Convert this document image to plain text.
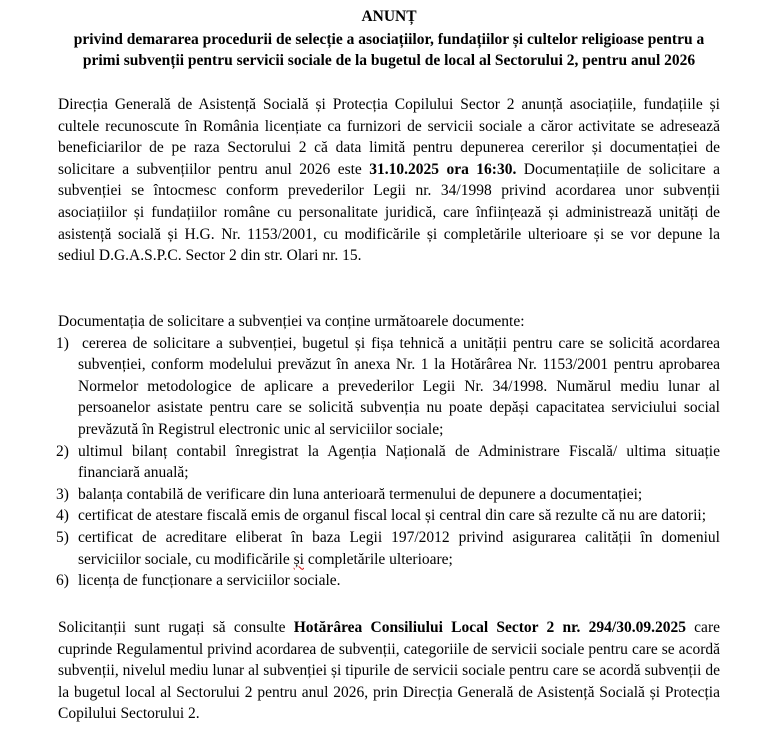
ANUNȚ

privind demararea procedurii de selecție a asociațiilor, fundațiilor și cultelor religioase pentru a
primi subvenții pentru servicii sociale de la bugetul de local al Sectorului 2, pentru anul 2026

Direcția Generală de Asistență Socială și Protecția Copilului Sector 2 anunță asociațiile, fundațiile și cultele recunoscute în România licențiate ca furnizori de servicii sociale a căror activitate se adresează beneficiarilor de pe raza Sectorului 2 că data limită pentru depunerea cererilor și documentației de solicitare a subvențiilor pentru anul 2026 este 31.10.2025 ora 16:30. Documentațiile de solicitare a subvenției se întocmesc conform prevederilor Legii nr. 34/1998 privind acordarea unor subvenții asociațiilor și fundațiilor române cu personalitate juridică, care înființează și administrează unități de asistență socială și H.G. Nr. 1153/2001, cu modificările și completările ulterioare și se vor depune la sediul D.G.A.S.P.C. Sector 2 din str. Olari nr. 15.

Documentația de solicitare a subvenției va conține următoarele documente:

1) cererea de solicitare a subvenției, bugetul și fișa tehnică a unității pentru care se solicită acordarea subvenției, conform modelului prevăzut în anexa Nr. 1 la Hotărârea Nr. 1153/2001 pentru aprobarea Normelor metodologice de aplicare a prevederilor Legii Nr. 34/1998. Numărul mediu lunar al persoanelor asistate pentru care se solicită subvenția nu poate depăși capacitatea serviciului social prevăzută în Registrul electronic unic al serviciilor sociale;
2) ultimul bilanț contabil înregistrat la Agenția Națională de Administrare Fiscală/ ultima situație financiară anuală;
3) balanța contabilă de verificare din luna anterioară termenului de depunere a documentației;
4) certificat de atestare fiscală emis de organul fiscal local și central din care să rezulte că nu are datorii;
5) certificat de acreditare eliberat în baza Legii 197/2012 privind asigurarea calității în domeniul serviciilor sociale, cu modificările și completările ulterioare;
6) licența de funcționare a serviciilor sociale.

Solicitanții sunt rugați să consulte Hotărârea Consiliului Local Sector 2 nr. 294/30.09.2025 care cuprinde Regulamentul privind acordarea de subvenții, categoriile de servicii sociale pentru care se acordă subvenții, nivelul mediu lunar al subvenției și tipurile de servicii sociale pentru care se acordă subvenții de la bugetul local al Sectorului 2 pentru anul 2026, prin Direcția Generală de Asistență Socială și Protecția Copilului Sectorului 2.
